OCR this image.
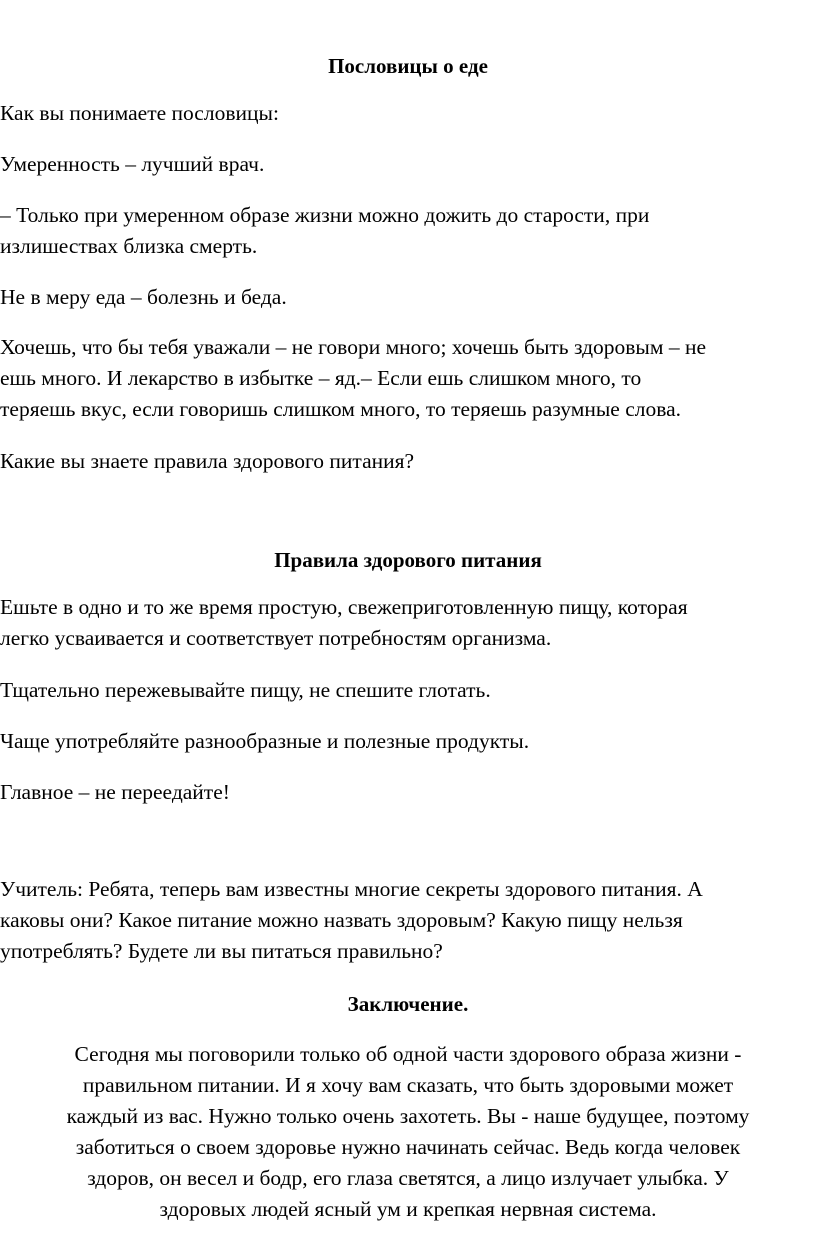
Пословицы о еде

Как вы понимаете пословицы:

Умеренность – лучший врач.

– Только при умеренном образе жизни можно дожить до старости, при
излишествах близка смерть.

Не в меру еда – болезнь и беда.

Хочешь, что бы тебя уважали – не говори много; хочешь быть здоровым – не
ешь много. И лекарство в избытке – яд.– Если ешь слишком много, то
теряешь вкус, если говоришь слишком много, то теряешь разумные слова.

Какие вы знаете правила здорового питания?

Правила здорового питания

Ешьте в одно и то же время простую, свежеприготовленную пищу, которая
легко усваивается и соответствует потребностям организма.

Тщательно пережевывайте пищу, не спешите глотать.

Чаще употребляйте разнообразные и полезные продукты.

Главное – не переедайте!

Учитель: Ребята, теперь вам известны многие секреты здорового питания. А
каковы они? Какое питание можно назвать здоровым? Какую пищу нельзя
употреблять? Будете ли вы питаться правильно?

Заключение.

Сегодня мы поговорили только об одной части здорового образа жизни -
правильном питании. И я хочу вам сказать, что быть здоровыми может
каждый из вас. Нужно только очень захотеть. Вы - наше будущее, поэтому
заботиться о своем здоровье нужно начинать сейчас. Ведь когда человек
здоров, он весел и бодр, его глаза светятся, а лицо излучает улыбка. У
здоровых людей ясный ум и крепкая нервная система.
